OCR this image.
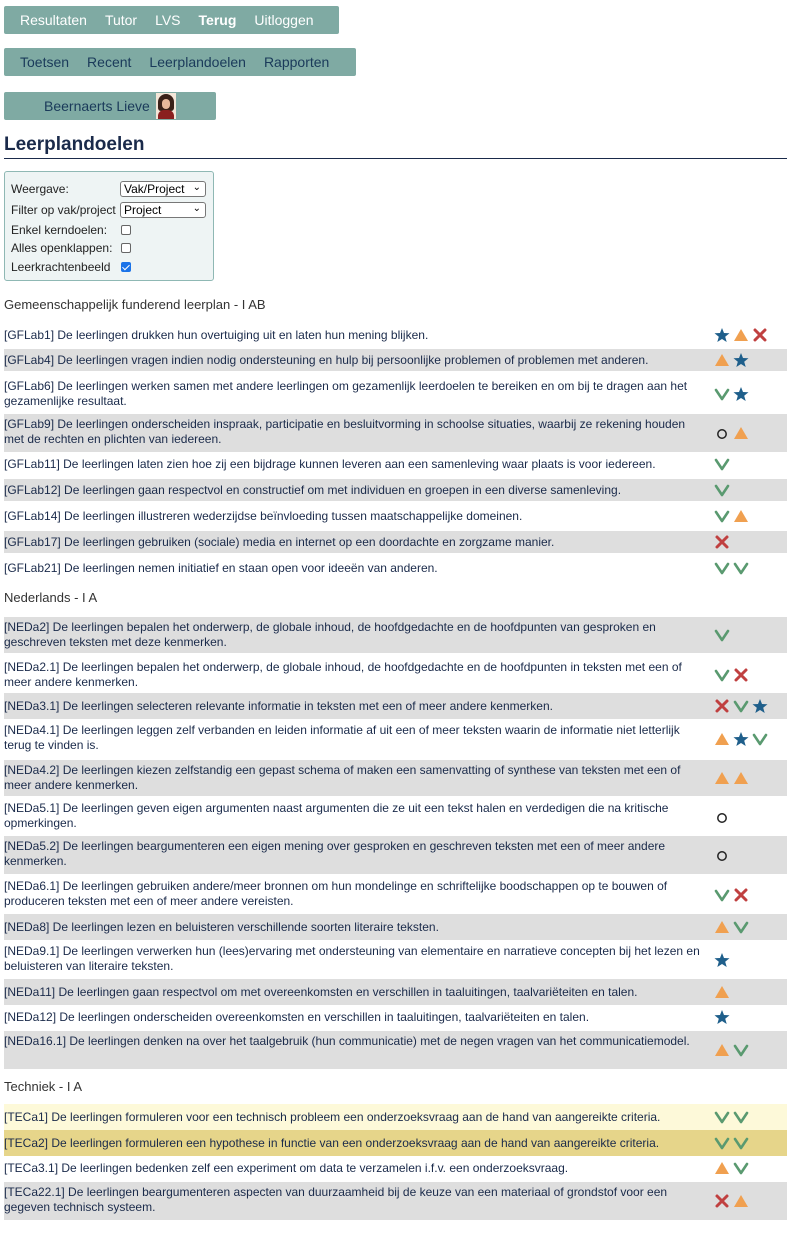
Resultaten Tutor LVS Terug Uitloggen
Toetsen Recent Leerplandoelen Rapporten
Beernaerts Lieve
Leerplandoelen
Weergave:	Vak/Project ⌄
Filter op vak/project Project	⌄
Enkel kerndoelen:
Alles openklappen:
Leerkrachtenbeeld
Gemeenschappelijk funderend leerplan - I AB
[GFLab1] De leerlingen drukken hun overtuiging uit en laten hun mening blijken.
[GFLab4] De leerlingen vragen indien nodig ondersteuning en hulp bij persoonlijke problemen of problemen met anderen.
[GFLab6] De leerlingen werken samen met andere leerlingen om gezamenlijk leerdoelen te bereiken en om bij te dragen aan het gezamenlijke resultaat.
[GFLab9] De leerlingen onderscheiden inspraak, participatie en besluitvorming in schoolse situaties, waarbij ze rekening houden met de rechten en plichten van iedereen.
[GFLab11] De leerlingen laten zien hoe zij een bijdrage kunnen leveren aan een samenleving waar plaats is voor iedereen.
[GFLab12] De leerlingen gaan respectvol en constructief om met individuen en groepen in een diverse samenleving.
[GFLab14] De leerlingen illustreren wederzijdse beïnvloeding tussen maatschappelijke domeinen.
[GFLab17] De leerlingen gebruiken (sociale) media en internet op een doordachte en zorgzame manier.
[GFLab21] De leerlingen nemen initiatief en staan open voor ideeën van anderen.
Nederlands - I A
[NEDa2] De leerlingen bepalen het onderwerp, de globale inhoud, de hoofdgedachte en de hoofdpunten van gesproken en geschreven teksten met deze kenmerken.
[NEDa2.1] De leerlingen bepalen het onderwerp, de globale inhoud, de hoofdgedachte en de hoofdpunten in teksten met een of meer andere kenmerken.
[NEDa3.1] De leerlingen selecteren relevante informatie in teksten met een of meer andere kenmerken.
[NEDa4.1] De leerlingen leggen zelf verbanden en leiden informatie af uit een of meer teksten waarin de informatie niet letterlijk terug te vinden is.
[NEDa4.2] De leerlingen kiezen zelfstandig een gepast schema of maken een samenvatting of synthese van teksten met een of meer andere kenmerken.
[NEDa5.1] De leerlingen geven eigen argumenten naast argumenten die ze uit een tekst halen en verdedigen die na kritische opmerkingen.
[NEDa5.2] De leerlingen beargumenteren een eigen mening over gesproken en geschreven teksten met een of meer andere kenmerken.
[NEDa6.1] De leerlingen gebruiken andere/meer bronnen om hun mondelinge en schriftelijke boodschappen op te bouwen of produceren teksten met een of meer andere vereisten.
[NEDa8] De leerlingen lezen en beluisteren verschillende soorten literaire teksten.
[NEDa9.1] De leerlingen verwerken hun (lees)ervaring met ondersteuning van elementaire en narratieve concepten bij het lezen en beluisteren van literaire teksten.
[NEDa11] De leerlingen gaan respectvol om met overeenkomsten en verschillen in taaluitingen, taalvariëteiten en talen.
[NEDa12] De leerlingen onderscheiden overeenkomsten en verschillen in taaluitingen, taalvariëteiten en talen.
[NEDa16.1] De leerlingen denken na over het taalgebruik (hun communicatie) met de negen vragen van het communicatiemodel.
Techniek - I A
[TECa1] De leerlingen formuleren voor een technisch probleem een onderzoeksvraag aan de hand van aangereikte criteria.
[TECa2] De leerlingen formuleren een hypothese in functie van een onderzoeksvraag aan de hand van aangereikte criteria.
[TECa3.1] De leerlingen bedenken zelf een experiment om data te verzamelen i.f.v. een onderzoeksvraag.
[TECa22.1] De leerlingen beargumenteren aspecten van duurzaamheid bij de keuze van een materiaal of grondstof voor een gegeven technisch systeem.
